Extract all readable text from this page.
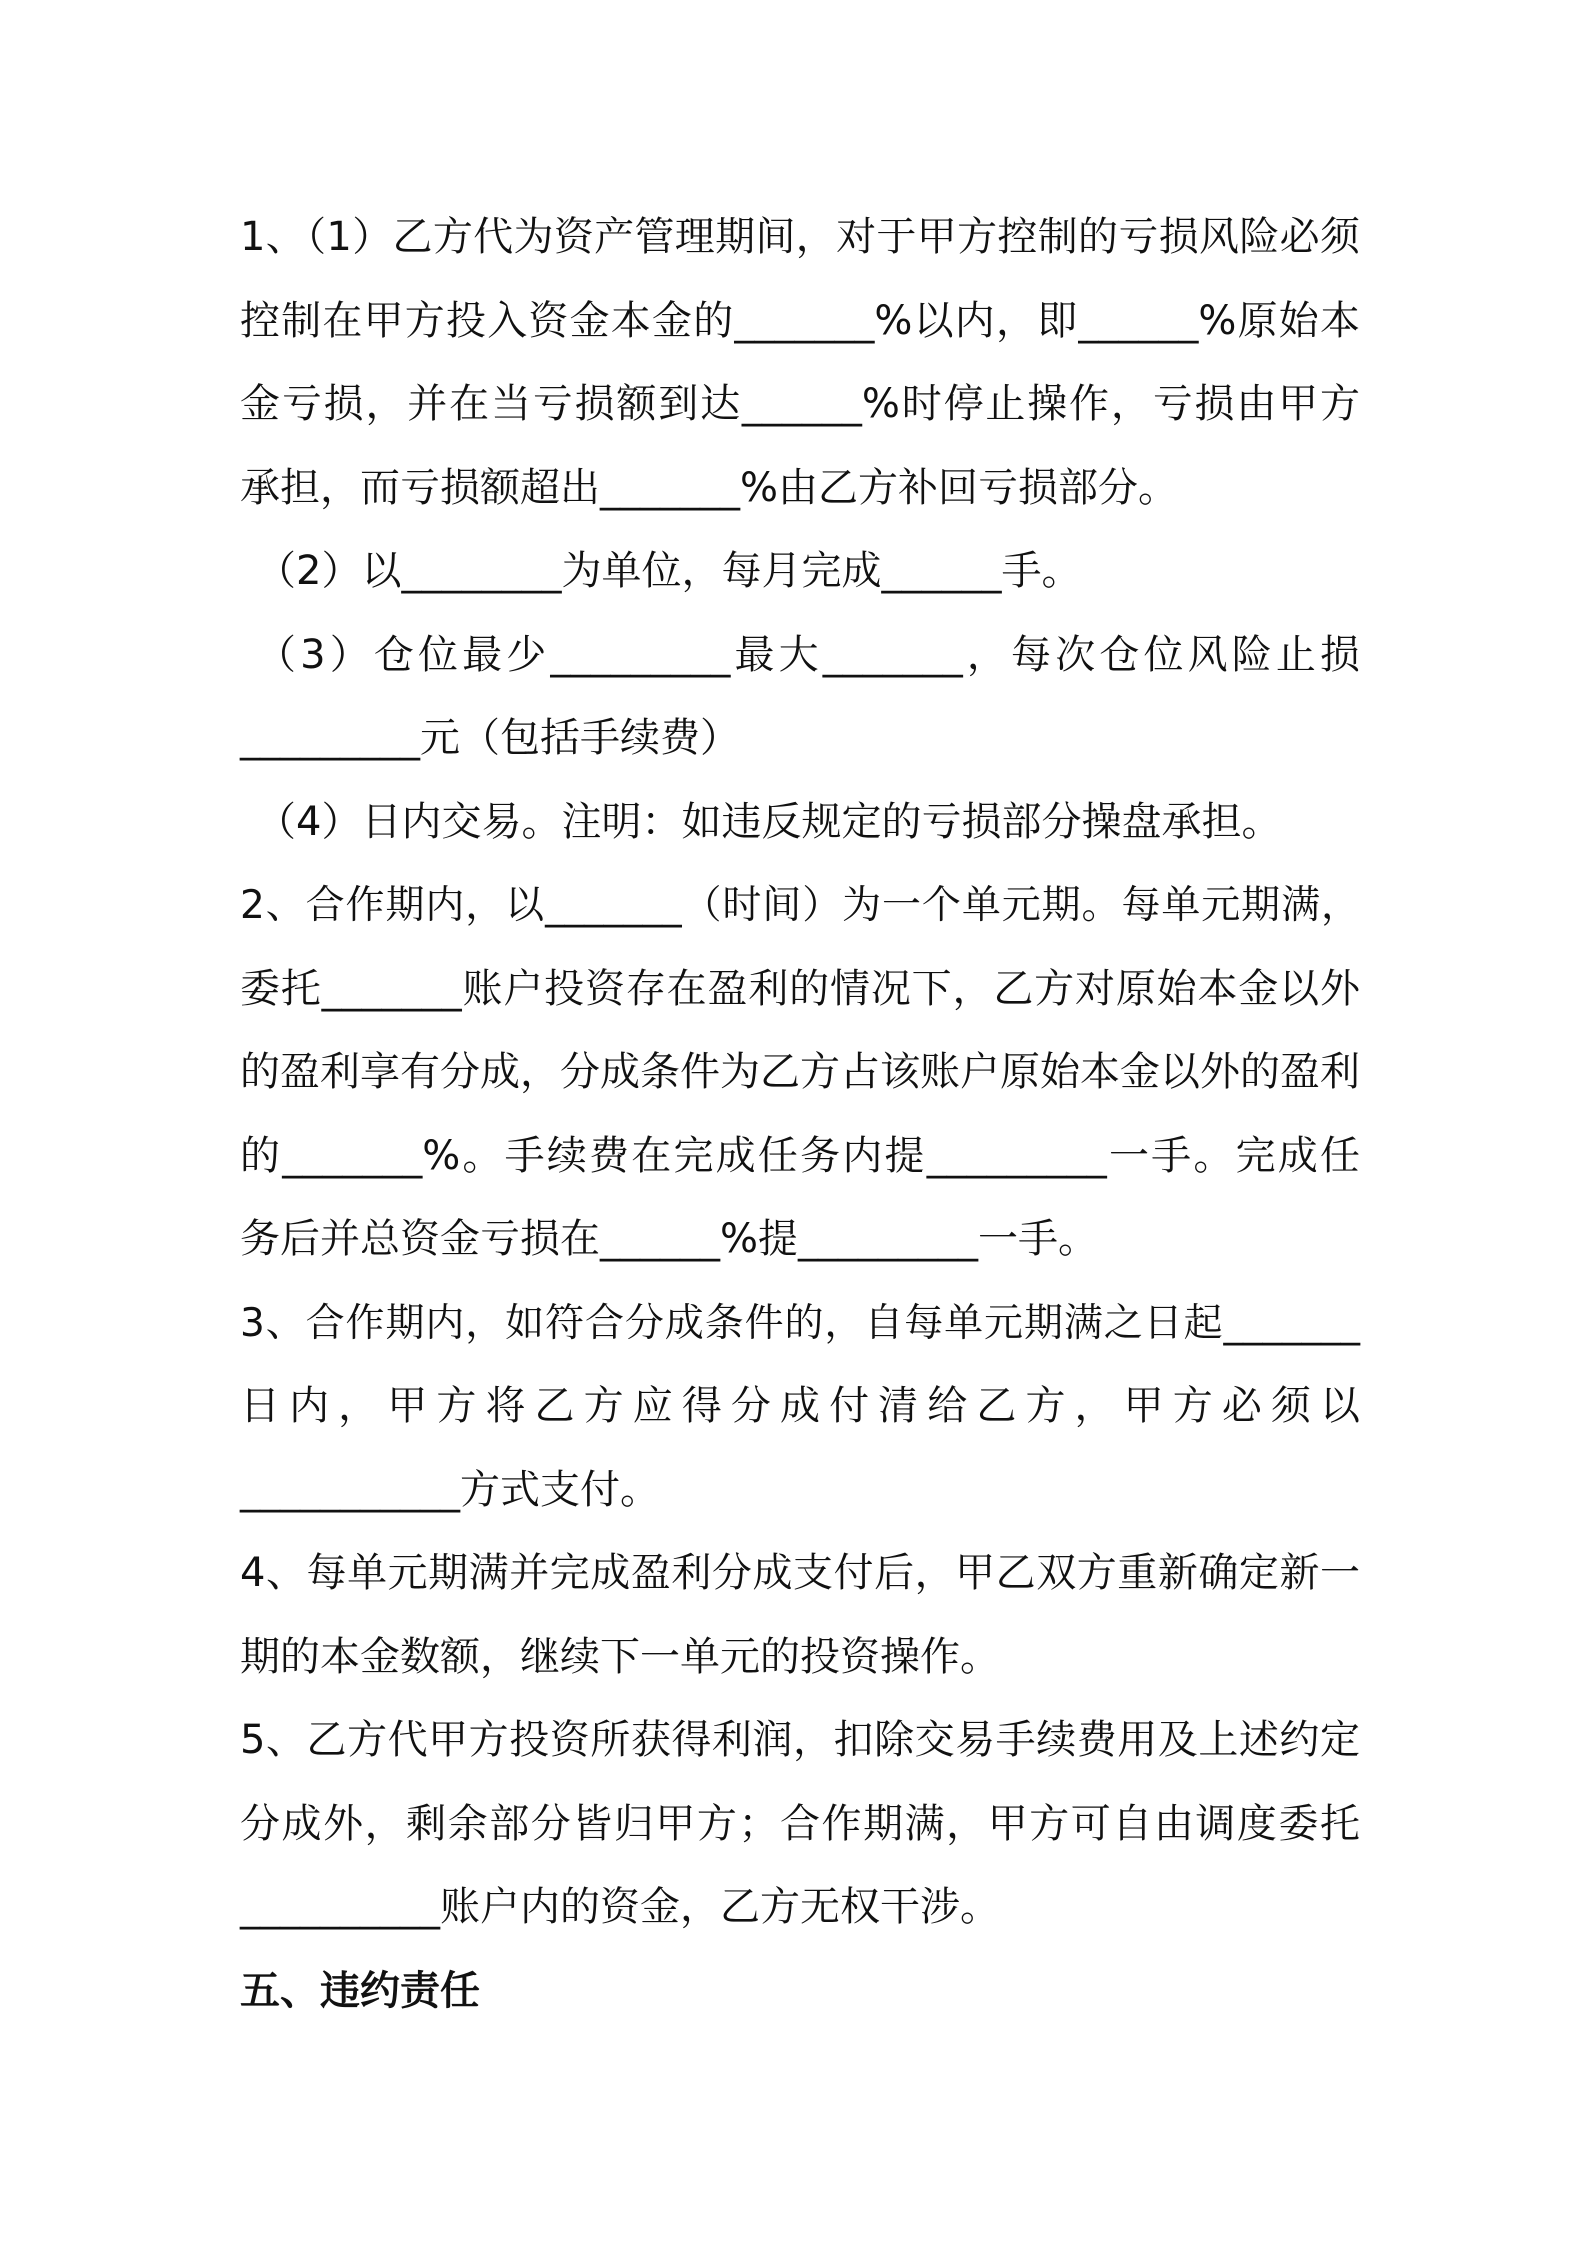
1、（1）乙方代为资产管理期间，对于甲方控制的亏损风险必须
控制在甲方投入资金本金的_______%以内，即______%原始本
金亏损，并在当亏损额到达______%时停止操作，亏损由甲方
承担，而亏损额超出_______%由乙方补回亏损部分。
（2）以________为单位，每月完成______手。
（3）仓位最少_________最大_______，每次仓位风险止损
_________元（包括手续费）
（4）日内交易。注明：如违反规定的亏损部分操盘承担。
2、合作期内，以_______（时间）为一个单元期。每单元期满，
委托_______账户投资存在盈利的情况下，乙方对原始本金以外
的盈利享有分成，分成条件为乙方占该账户原始本金以外的盈利
的_______%。手续费在完成任务内提_________一手。完成任
务后并总资金亏损在______%提_________一手。
3、合作期内，如符合分成条件的，自每单元期满之日起_______
日内，甲方将乙方应得分成付清给乙方，甲方必须以
___________方式支付。
4、每单元期满并完成盈利分成支付后，甲乙双方重新确定新一
期的本金数额，继续下一单元的投资操作。
5、乙方代甲方投资所获得利润，扣除交易手续费用及上述约定
分成外，剩余部分皆归甲方；合作期满，甲方可自由调度委托
__________账户内的资金，乙方无权干涉。
五、违约责任
